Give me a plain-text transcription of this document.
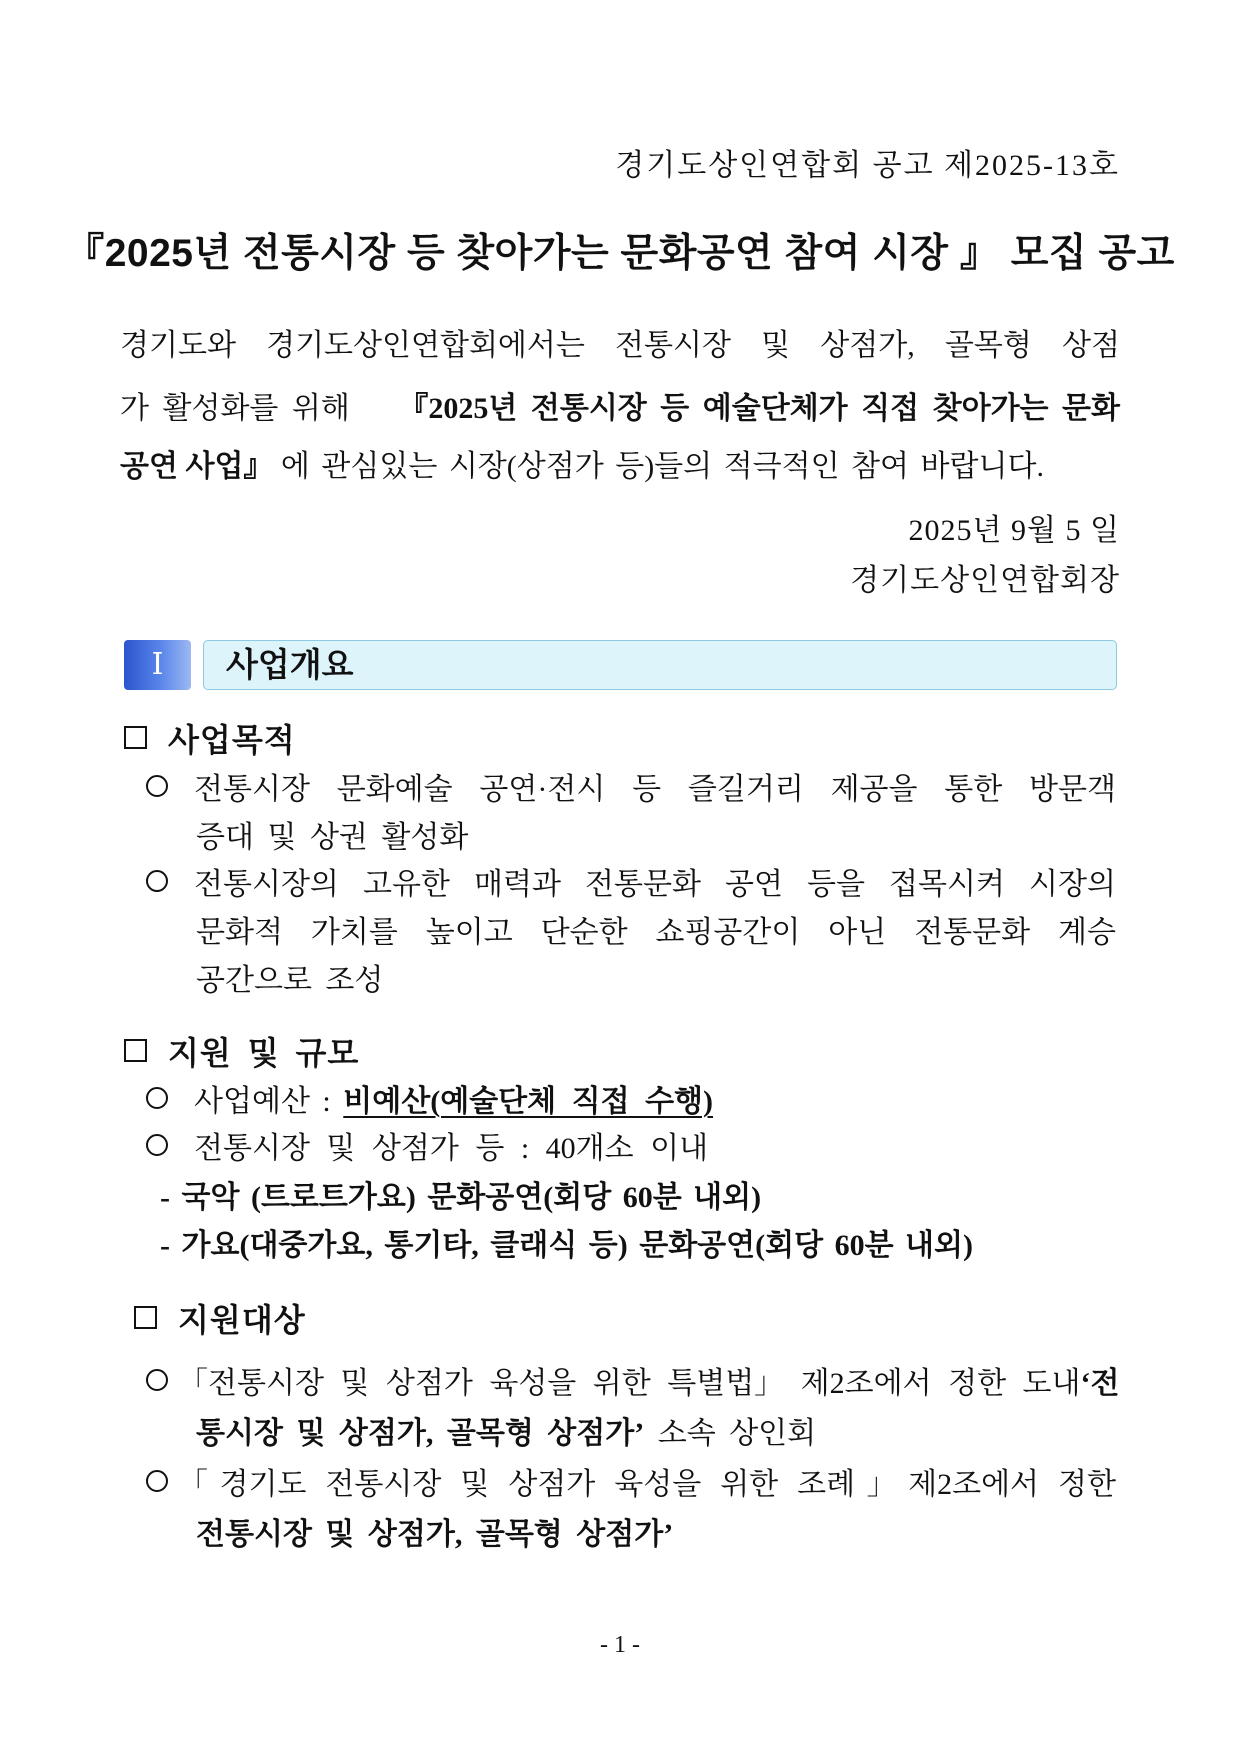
경기도상인연합회 공고 제2025-13호
『2025년 전통시장 등 찾아가는 문화공연 참여 시장 』 모집 공고
경기도와 경기도상인연합회에서는 전통시장 및 상점가, 골목형 상점
가 활성화를 위해 『2025년 전통시장 등 예술단체가 직접 찾아가는 문화
공연 사업』 에 관심있는 시장(상점가 등)들의 적극적인 참여 바랍니다.
2025년 9월 5 일
경기도상인연합회장
Ⅰ	사업개요
사업목적
전통시장 문화예술 공연·전시 등 즐길거리 제공을 통한 방문객
증대 및 상권 활성화
전통시장의 고유한 매력과 전통문화 공연 등을 접목시켜 시장의
문화적 가치를 높이고 단순한 쇼핑공간이 아닌 전통문화 계승
공간으로 조성
지원 및 규모
사업예산 : 비예산(예술단체 직접 수행)
전통시장 및 상점가 등 : 40개소 이내
- 국악 (트로트가요) 문화공연(회당 60분 내외)
- 가요(대중가요, 통기타, 클래식 등) 문화공연(회당 60분 내외)
지원대상
「전통시장 및 상점가 육성을 위한 특별법」 제2조에서 정한 도내 ‘전
통시장 및 상점가, 골목형 상점가’ 소속 상인회
「경기도 전통시장 및 상점가 육성을 위한 조례」제2조에서 정한
전통시장 및 상점가, 골목형 상점가’
- 1 -
